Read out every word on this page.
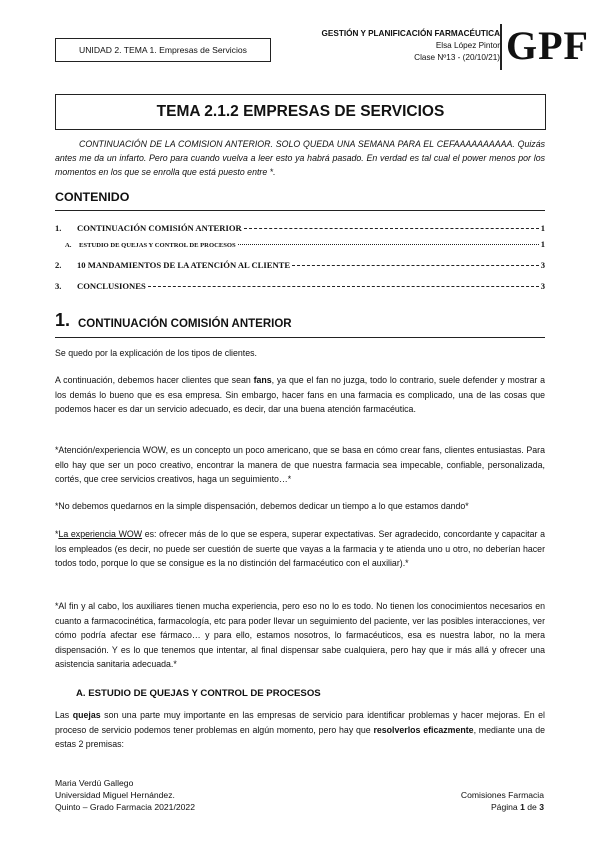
UNIDAD 2. TEMA 1. Empresas de Servicios
GESTIÓN Y PLANIFICACIÓN FARMACÉUTICA
Elsa López Pintor
Clase Nº13 - (20/10/21) GPF
TEMA 2.1.2 EMPRESAS DE SERVICIOS
CONTINUACIÓN DE LA COMISION ANTERIOR. SOLO QUEDA UNA SEMANA PARA EL CEFAAAAAAAAAA. Quizás antes me da un infarto. Pero para cuando vuelva a leer esto ya habrá pasado. En verdad es tal cual el power menos por los momentos en los que se enrolla que está puesto entre *.
CONTENIDO
1.	CONTINUACIÓN COMISIÓN ANTERIOR	1
A.	ESTUDIO DE QUEJAS Y CONTROL DE PROCESOS	1
2.	10 MANDAMIENTOS DE LA ATENCIÓN AL CLIENTE	3
3.	CONCLUSIONES	3
1. CONTINUACIÓN COMISIÓN ANTERIOR
Se quedo por la explicación de los tipos de clientes.
A continuación, debemos hacer clientes que sean fans, ya que el fan no juzga, todo lo contrario, suele defender y mostrar a los demás lo bueno que es esa empresa. Sin embargo, hacer fans en una farmacia es complicado, una de las cosas que podemos hacer es dar un servicio adecuado, es decir, dar una buena atención farmacéutica.
*Atención/experiencia WOW, es un concepto un poco americano, que se basa en cómo crear fans, clientes entusiastas. Para ello hay que ser un poco creativo, encontrar la manera de que nuestra farmacia sea impecable, confiable, personalizada, cortés, que cree servicios creativos, haga un seguimiento…*
*No debemos quedarnos en la simple dispensación, debemos dedicar un tiempo a lo que estamos dando*
*La experiencia WOW es: ofrecer más de lo que se espera, superar expectativas. Ser agradecido, concordante y capacitar a los empleados (es decir, no puede ser cuestión de suerte que vayas a la farmacia y te atienda uno u otro, no deberían hacer todos todo, porque lo que se consigue es la no distinción del farmacéutico con el auxiliar).*
*Al fin y al cabo, los auxiliares tienen mucha experiencia, pero eso no lo es todo. No tienen los conocimientos necesarios en cuanto a farmacocinética, farmacología, etc para poder llevar un seguimiento del paciente, ver las posibles interacciones, ver cómo podría afectar ese fármaco… y para ello, estamos nosotros, lo farmacéuticos, esa es nuestra labor, no la mera dispensación. Y es lo que tenemos que intentar, al final dispensar sabe cualquiera, pero hay que ir más allá y ofrecer una asistencia sanitaria adecuada.*
A. ESTUDIO DE QUEJAS Y CONTROL DE PROCESOS
Las quejas son una parte muy importante en las empresas de servicio para identificar problemas y hacer mejoras. En el proceso de servicio podemos tener problemas en algún momento, pero hay que resolverlos eficazmente, mediante una de estas 2 premisas:
Maria Verdú Gallego
Universidad Miguel Hernández.
Quinto – Grado Farmacia 2021/2022
Comisiones Farmacia
Página 1 de 3
